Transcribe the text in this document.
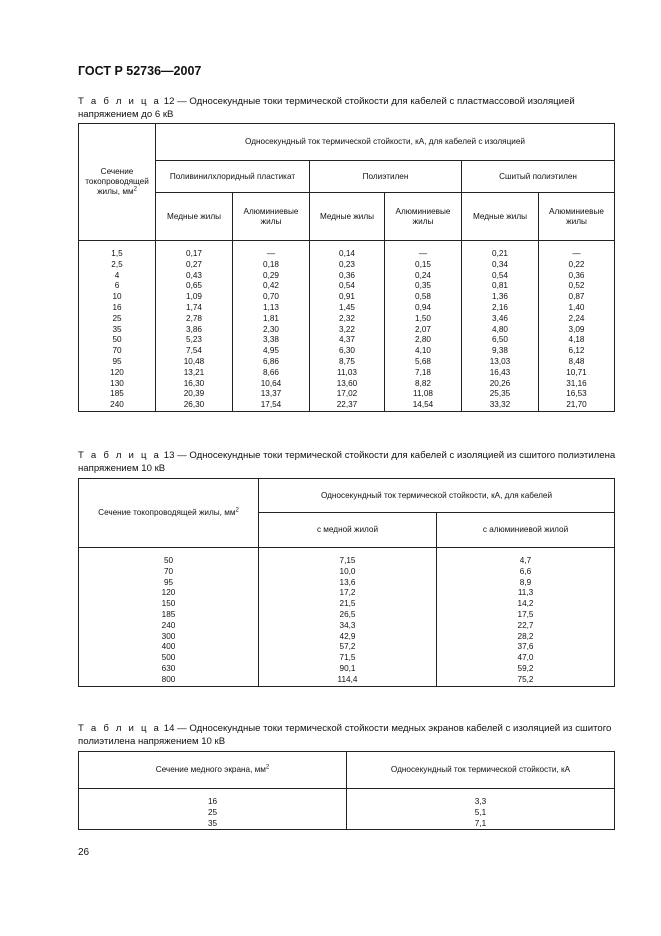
ГОСТ Р 52736—2007
Т а б л и ц а 12 — Односекундные токи термической стойкости для кабелей с пластмассовой изоляцией напряжением до 6 кВ
Сечение токопроводящей жилы, $мм^2$	Односекундный ток термической стойкости, кА, для кабелей с изоляцией					
	Поливинилхлоридный пластикат		Полиэтилен		Сшитый полиэтилен	
	Медные жилы	Алюминиевые жилы	Медные жилы	Алюминиевые жилы	Медные жилы	Алюминиевые жилы
1,5	0,17	—	0,14	—	0,21	—
2,5	0,27	0,18	0,23	0,15	0,34	0,22
4	0,43	0,29	0,36	0,24	0,54	0,36
6	0,65	0,42	0,54	0,35	0,81	0,52
10	1,09	0,70	0,91	0,58	1,36	0,87
16	1,74	1,13	1,45	0,94	2,16	1,40
25	2,78	1,81	2,32	1,50	3,46	2,24
35	3,86	2,30	3,22	2,07	4,80	3,09
50	5,23	3,38	4,37	2,80	6,50	4,18
70	7,54	4,95	6,30	4,10	9,38	6,12
95	10,48	6,86	8,75	5,68	13,03	8,48
120	13,21	8,66	11,03	7,18	16,43	10,71
130	16,30	10,64	13,60	8,82	20,26	31,16
185	20,39	13,37	17,02	11,08	25,35	16,53
240	26,30	17,54	22,37	14,54	33,32	21,70
Т а б л и ц а 13 — Односекундные токи термической стойкости для кабелей с изоляцией из сшитого полиэтилена напряжением 10 кВ
Сечение токопроводящей жилы, $мм^2$	Односекундный ток термической стойкости, кА, для кабелей	
	с медной жилой	с алюминиевой жилой
50	7,15	4,7
70	10,0	6,6
95	13,6	8,9
120	17,2	11,3
150	21,5	14,2
185	26,5	17,5
240	34,3	22,7
300	42,9	28,2
400	57,2	37,6
500	71,5	47,0
630	90,1	59,2
800	114,4	75,2
Т а б л и ц а 14 — Односекундные токи термической стойкости медных экранов кабелей с изоляцией из сшитого полиэтилена напряжением 10 кВ
Сечение медного экрана, $мм^2$	Односекундный ток термической стойкости, кА
16	3,3
25	5,1
35	7,1
26
